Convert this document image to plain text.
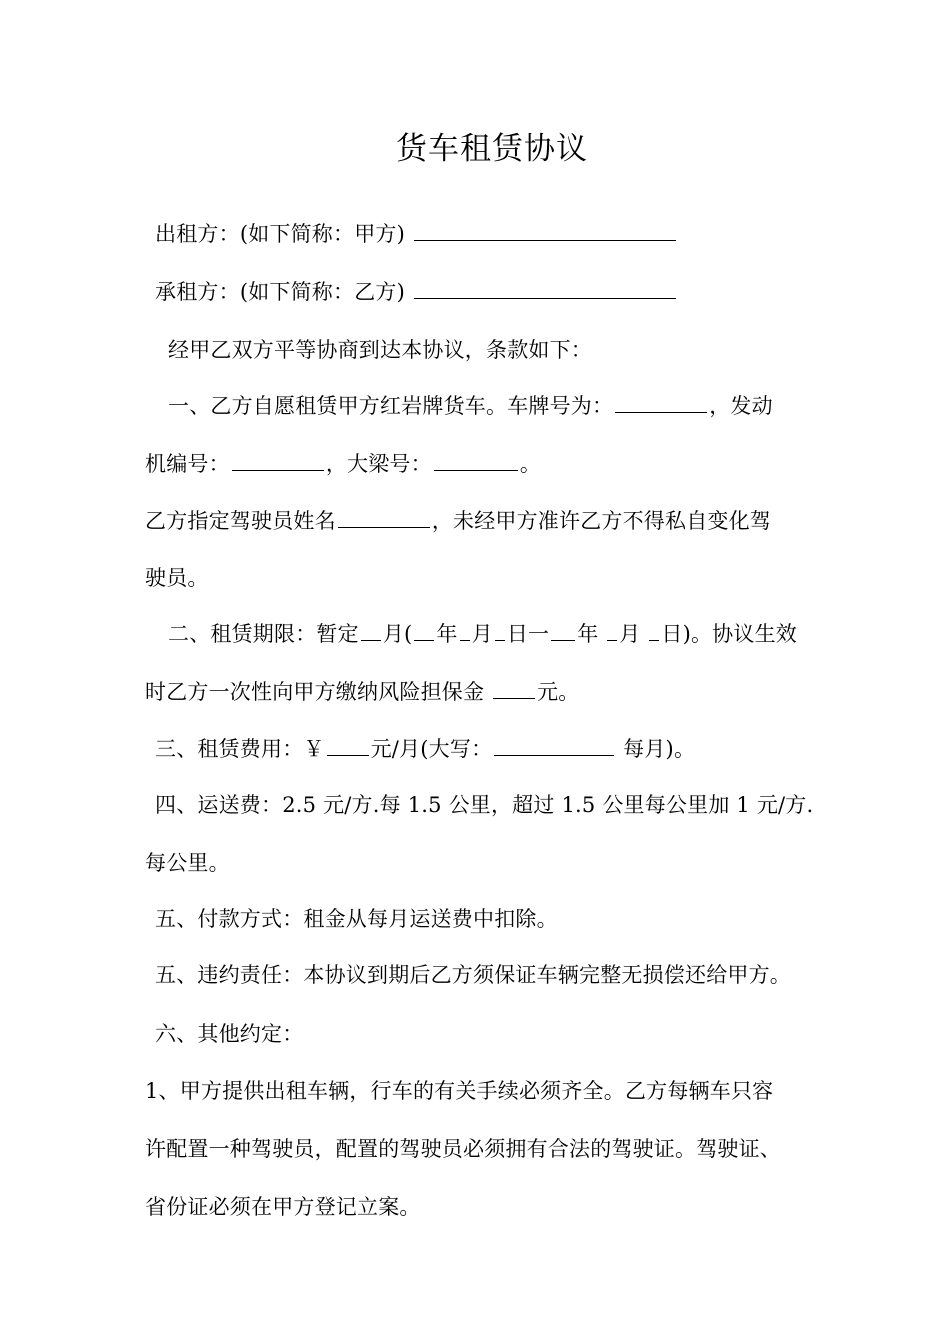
货车租赁协议
出租方：(如下简称：甲方)
承租方：(如下简称：乙方)
经甲乙双方平等协商到达本协议，条款如下：
一、乙方自愿租赁甲方红岩牌货车。车牌号为：	，发动
机编号：	，大梁号：	。
乙方指定驾驶员姓名	，未经甲方准许乙方不得私自变化驾
驶员。
二、租赁期限：暂定 月( 年 月 日一 年 月 日)。协议生效
时乙方一次性向甲方缴纳风险担保金 元。
三、租赁费用：￥ 元/月(大写：	每月)。
四、运送费：2.5 元/方.每 1.5 公里，超过 1.5 公里每公里加 1 元/方.
每公里。
五、付款方式：租金从每月运送费中扣除。
五、违约责任：本协议到期后乙方须保证车辆完整无损偿还给甲方。
六、其他约定：
1、甲方提供出租车辆，行车的有关手续必须齐全。乙方每辆车只容
许配置一种驾驶员，配置的驾驶员必须拥有合法的驾驶证。驾驶证、
省份证必须在甲方登记立案。
